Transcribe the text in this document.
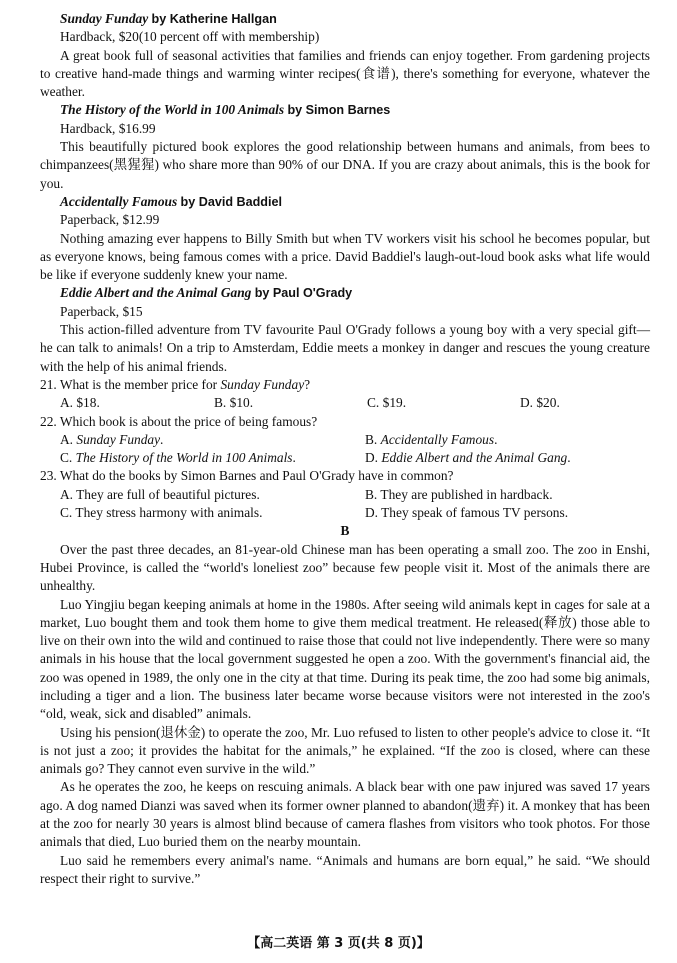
Sunday Funday by Katherine Hallgan

Hardback, $20(10 percent off with membership)

A great book full of seasonal activities that families and friends can enjoy together. From gardening projects to creative hand-made things and warming winter recipes(食谱), there's something for everyone, whatever the weather.

The History of the World in 100 Animals by Simon Barnes

Hardback, $16.99

This beautifully pictured book explores the good relationship between humans and animals, from bees to chimpanzees(黑猩猩) who share more than 90% of our DNA. If you are crazy about animals, this is the book for you.

Accidentally Famous by David Baddiel

Paperback, $12.99

Nothing amazing ever happens to Billy Smith but when TV workers visit his school he becomes popular, but as everyone knows, being famous comes with a price. David Baddiel's laugh-out-loud book asks what life would be like if everyone suddenly knew your name.

Eddie Albert and the Animal Gang by Paul O'Grady

Paperback, $15

This action-filled adventure from TV favourite Paul O'Grady follows a young boy with a very special gift—he can talk to animals! On a trip to Amsterdam, Eddie meets a monkey in danger and rescues the young creature with the help of his animal friends.

21. What is the member price for Sunday Funday?

A. $18.	B. $10.	C. $19.	D. $20.

22. Which book is about the price of being famous?

A. Sunday Funday.	B. Accidentally Famous.
C. The History of the World in 100 Animals.	D. Eddie Albert and the Animal Gang.

23. What do the books by Simon Barnes and Paul O'Grady have in common?

A. They are full of beautiful pictures.	B. They are published in hardback.
C. They stress harmony with animals.	D. They speak of famous TV persons.

B

Over the past three decades, an 81-year-old Chinese man has been operating a small zoo. The zoo in Enshi, Hubei Province, is called the “world's loneliest zoo” because few people visit it. Most of the animals there are unhealthy.

Luo Yingjiu began keeping animals at home in the 1980s. After seeing wild animals kept in cages for sale at a market, Luo bought them and took them home to give them medical treatment. He released(释放) those able to live on their own into the wild and continued to raise those that could not live independently. There were so many animals in his house that the local government suggested he open a zoo. With the government's financial aid, the zoo was opened in 1989, the only one in the city at that time. During its peak time, the zoo had some big animals, including a tiger and a lion. The business later became worse because visitors were not interested in the zoo's “old, weak, sick and disabled” animals.

Using his pension(退休金) to operate the zoo, Mr. Luo refused to listen to other people's advice to close it. “It is not just a zoo; it provides the habitat for the animals,” he explained. “If the zoo is closed, where can these animals go? They cannot even survive in the wild.”

As he operates the zoo, he keeps on rescuing animals. A black bear with one paw injured was saved 17 years ago. A dog named Dianzi was saved when its former owner planned to abandon(遗弃) it. A monkey that has been at the zoo for nearly 30 years is almost blind because of camera flashes from visitors who took photos. For those animals that died, Luo buried them on the nearby mountain.

Luo said he remembers every animal's name. “Animals and humans are born equal,” he said. “We should respect their right to survive.”

【高二英语 第 3 页(共 8 页)】
